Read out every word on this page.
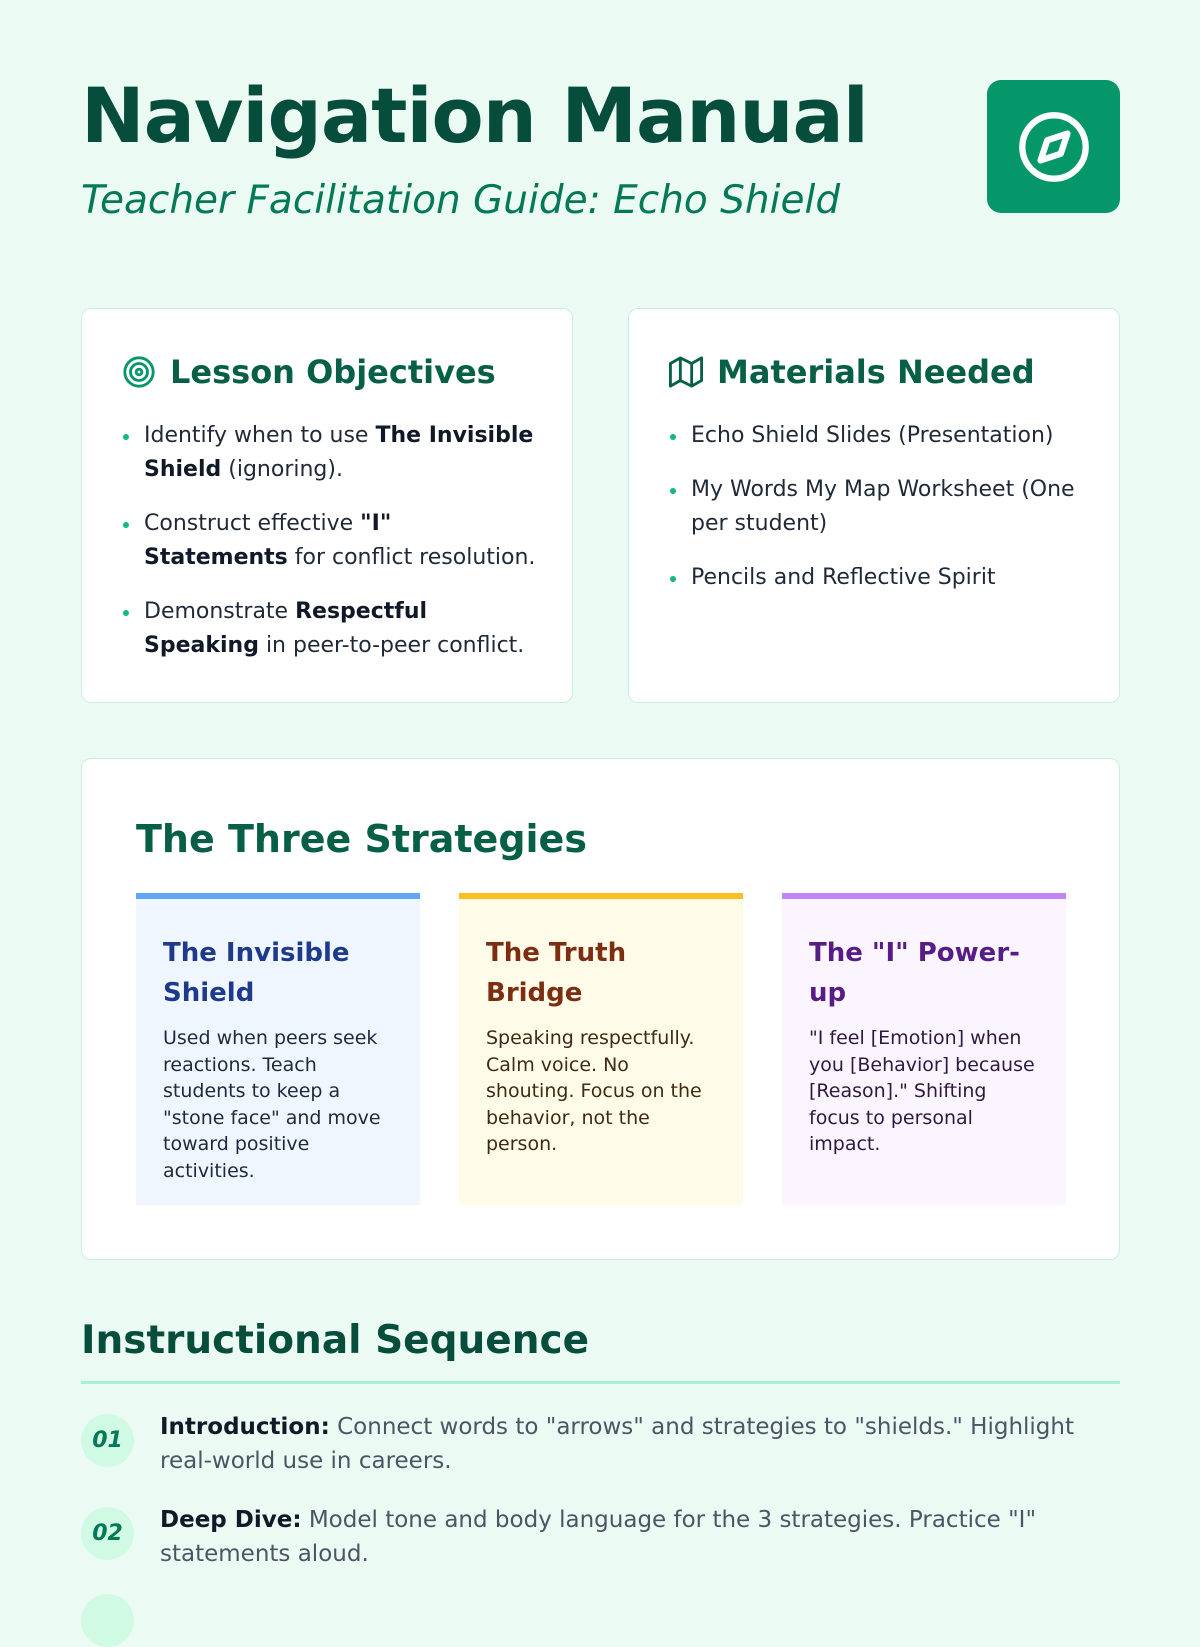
Navigation Manual

Teacher Facilitation Guide: Echo Shield

Lesson Objectives
Identify when to use The Invisible Shield (ignoring).
Construct effective "I" Statements for conflict resolution.
Demonstrate Respectful Speaking in peer-to-peer conflict.
Materials Needed
Echo Shield Slides (Presentation)
My Words My Map Worksheet (One per student)
Pencils and Reflective Spirit
The Three Strategies
The Invisible Shield

Used when peers seek reactions. Teach students to keep a "stone face" and move toward positive activities.

The Truth Bridge

Speaking respectfully. Calm voice. No shouting. Focus on the behavior, not the person.

The "I" Power-up

"I feel [Emotion] when you [Behavior] because [Reason]." Shifting focus to personal impact.

Instructional Sequence
01
Introduction: Connect words to "arrows" and strategies to "shields." Highlight real-world use in careers.
02
Deep Dive: Model tone and body language for the 3 strategies. Practice "I" statements aloud.
